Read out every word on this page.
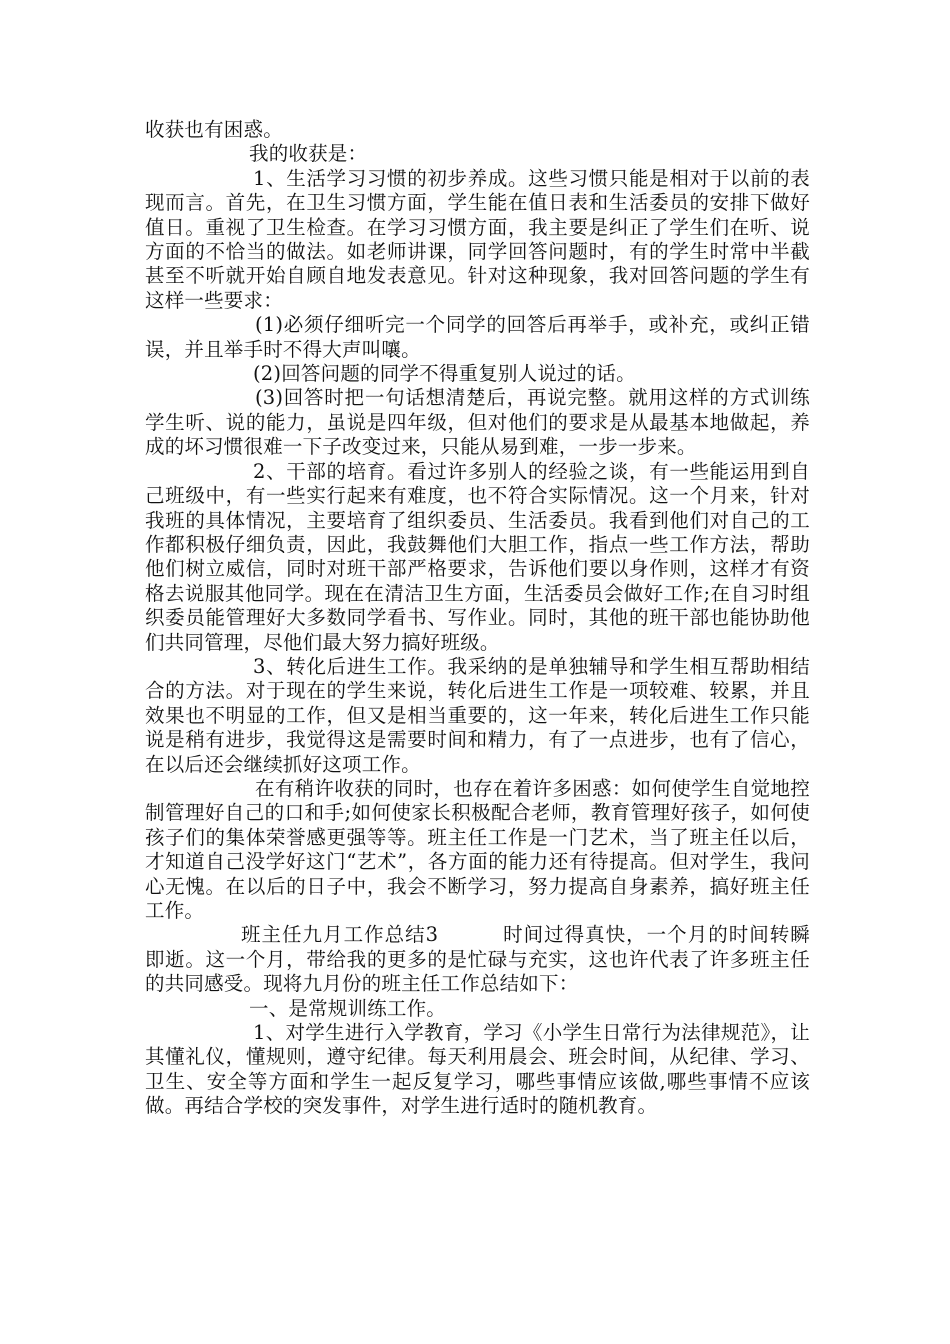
收获也有困惑。

我的收获是：

1、生活学习习惯的初步养成。这些习惯只能是相对于以前的表现而言。首先，在卫生习惯方面，学生能在值日表和生活委员的安排下做好值日。重视了卫生检查。在学习习惯方面，我主要是纠正了学生们在听、说方面的不恰当的做法。如老师讲课，同学回答问题时，有的学生时常中半截甚至不听就开始自顾自地发表意见。针对这种现象，我对回答问题的学生有这样一些要求：

(1)必须仔细听完一个同学的回答后再举手，或补充，或纠正错误，并且举手时不得大声叫嚷。

(2)回答问题的同学不得重复别人说过的话。

(3)回答时把一句话想清楚后，再说完整。就用这样的方式训练学生听、说的能力，虽说是四年级，但对他们的要求是从最基本地做起，养成的坏习惯很难一下子改变过来，只能从易到难，一步一步来。

2、干部的培育。看过许多别人的经验之谈，有一些能运用到自己班级中，有一些实行起来有难度，也不符合实际情况。这一个月来，针对我班的具体情况，主要培育了组织委员、生活委员。我看到他们对自己的工作都积极仔细负责，因此，我鼓舞他们大胆工作，指点一些工作方法，帮助他们树立威信，同时对班干部严格要求，告诉他们要以身作则，这样才有资格去说服其他同学。现在在清洁卫生方面，生活委员会做好工作;在自习时组织委员能管理好大多数同学看书、写作业。同时，其他的班干部也能协助他们共同管理，尽他们最大努力搞好班级。

3、转化后进生工作。我采纳的是单独辅导和学生相互帮助相结合的方法。对于现在的学生来说，转化后进生工作是一项较难、较累，并且效果也不明显的工作，但又是相当重要的，这一年来，转化后进生工作只能说是稍有进步，我觉得这是需要时间和精力，有了一点进步，也有了信心，在以后还会继续抓好这项工作。

在有稍许收获的同时，也存在着许多困惑：如何使学生自觉地控制管理好自己的口和手;如何使家长积极配合老师，教育管理好孩子，如何使孩子们的集体荣誉感更强等等。班主任工作是一门艺术，当了班主任以后，才知道自己没学好这门“艺术”，各方面的能力还有待提高。但对学生，我问心无愧。在以后的日子中，我会不断学习，努力提高自身素养，搞好班主任工作。

班主任九月工作总结3	时间过得真快，一个月的时间转瞬即逝。这一个月，带给我的更多的是忙碌与充实，这也许代表了许多班主任的共同感受。现将九月份的班主任工作总结如下：

一、是常规训练工作。

1、对学生进行入学教育，学习《小学生日常行为法律规范》，让其懂礼仪，懂规则，遵守纪律。每天利用晨会、班会时间，从纪律、学习、卫生、安全等方面和学生一起反复学习，哪些事情应该做,哪些事情不应该做。再结合学校的突发事件，对学生进行适时的随机教育。
